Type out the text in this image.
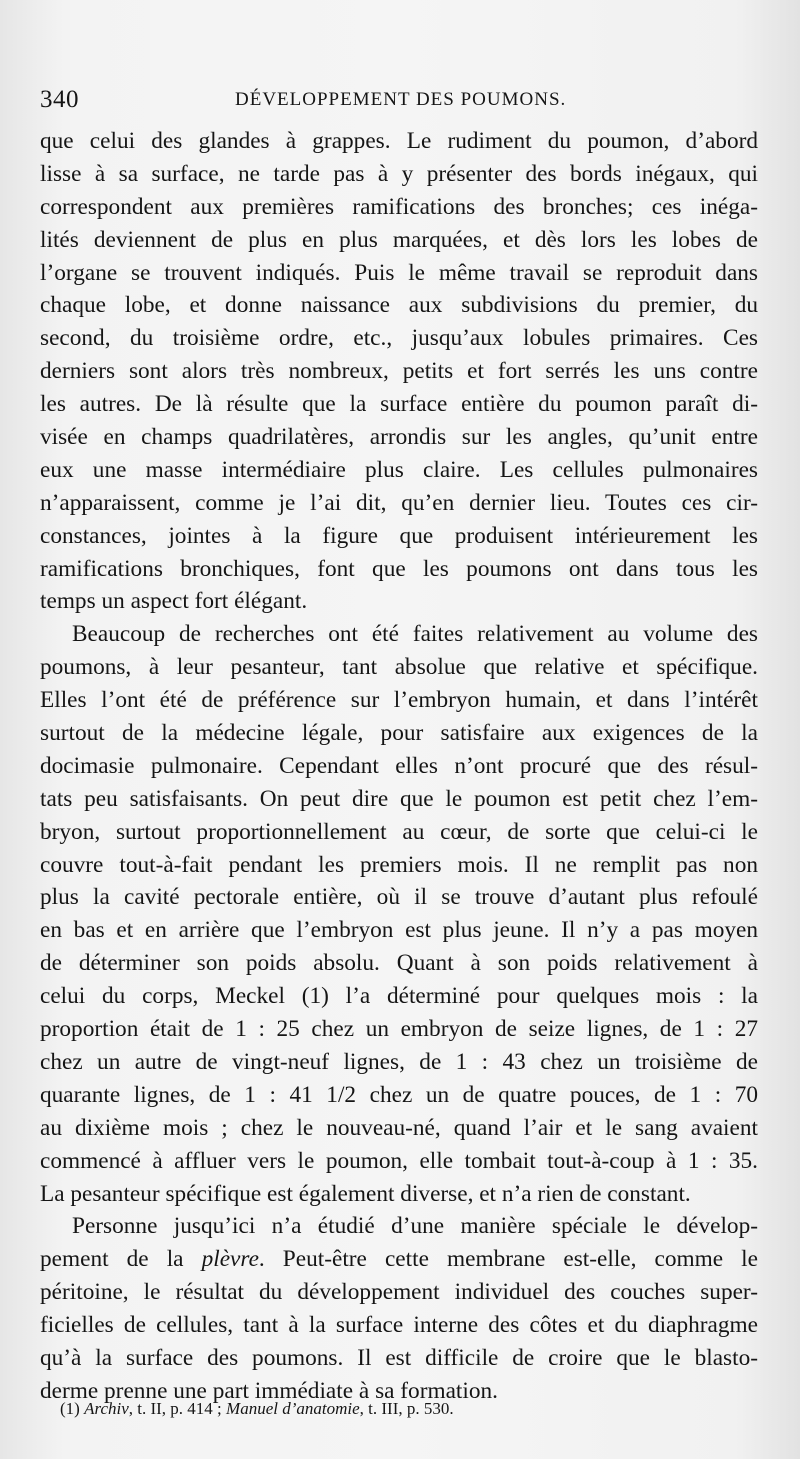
340	DÉVELOPPEMENT DES POUMONS.
que celui des glandes à grappes. Le rudiment du poumon, d’abord
lisse à sa surface, ne tarde pas à y présenter des bords inégaux, qui
correspondent aux premières ramifications des bronches; ces inéga-
lités deviennent de plus en plus marquées, et dès lors les lobes de
l’organe se trouvent indiqués. Puis le même travail se reproduit dans
chaque lobe, et donne naissance aux subdivisions du premier, du
second, du troisième ordre, etc., jusqu’aux lobules primaires. Ces
derniers sont alors très nombreux, petits et fort serrés les uns contre
les autres. De là résulte que la surface entière du poumon paraît di-
visée en champs quadrilatères, arrondis sur les angles, qu’unit entre
eux une masse intermédiaire plus claire. Les cellules pulmonaires
n’apparaissent, comme je l’ai dit, qu’en dernier lieu. Toutes ces cir-
constances, jointes à la figure que produisent intérieurement les
ramifications bronchiques, font que les poumons ont dans tous les
temps un aspect fort élégant.
Beaucoup de recherches ont été faites relativement au volume des
poumons, à leur pesanteur, tant absolue que relative et spécifique.
Elles l’ont été de préférence sur l’embryon humain, et dans l’intérêt
surtout de la médecine légale, pour satisfaire aux exigences de la
docimasie pulmonaire. Cependant elles n’ont procuré que des résul-
tats peu satisfaisants. On peut dire que le poumon est petit chez l’em-
bryon, surtout proportionnellement au cœur, de sorte que celui-ci le
couvre tout-à-fait pendant les premiers mois. Il ne remplit pas non
plus la cavité pectorale entière, où il se trouve d’autant plus refoulé
en bas et en arrière que l’embryon est plus jeune. Il n’y a pas moyen
de déterminer son poids absolu. Quant à son poids relativement à
celui du corps, Meckel (1) l’a déterminé pour quelques mois : la
proportion était de 1 : 25 chez un embryon de seize lignes, de 1 : 27
chez un autre de vingt-neuf lignes, de 1 : 43 chez un troisième de
quarante lignes, de 1 : 41 1/2 chez un de quatre pouces, de 1 : 70
au dixième mois ; chez le nouveau-né, quand l’air et le sang avaient
commencé à affluer vers le poumon, elle tombait tout-à-coup à 1 : 35.
La pesanteur spécifique est également diverse, et n’a rien de constant.
Personne jusqu’ici n’a étudié d’une manière spéciale le dévelop-
pement de la plèvre. Peut-être cette membrane est-elle, comme le
péritoine, le résultat du développement individuel des couches super-
ficielles de cellules, tant à la surface interne des côtes et du diaphragme
qu’à la surface des poumons. Il est difficile de croire que le blasto-
derme prenne une part immédiate à sa formation.
(1) Archiv, t. II, p. 414 ; Manuel d’anatomie, t. III, p. 530.
